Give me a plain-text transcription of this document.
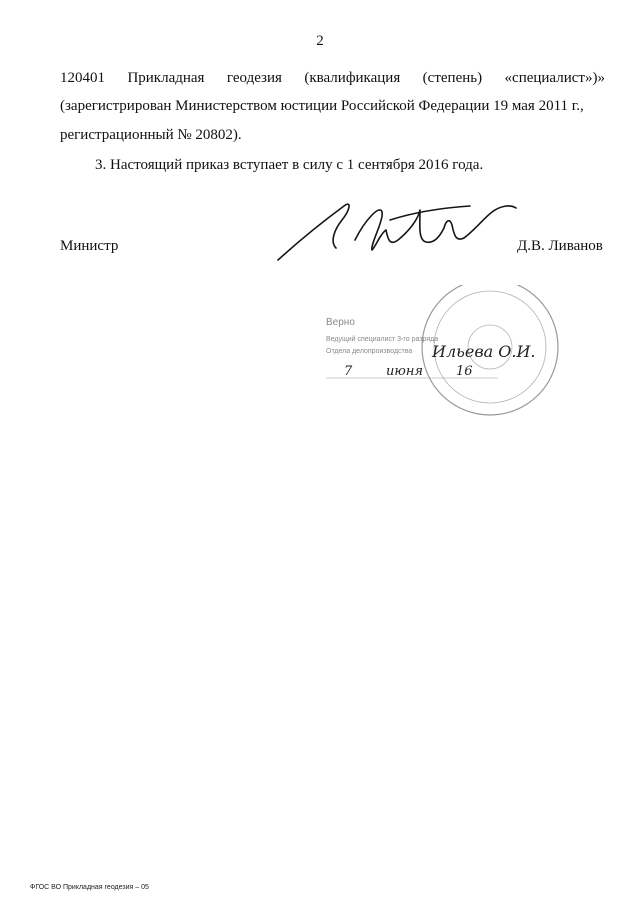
2
120401 Прикладная геодезия (квалификация (степень) «специалист»)»
(зарегистрирован Министерством юстиции Российской Федерации 19 мая 2011 г.,
регистрационный № 20802).
3. Настоящий приказ вступает в силу с 1 сентября 2016 года.
Министр	Д.В. Ливанов
Верно
Ведущий специалист 3-го разряда
Отдела делопроизводства Ильева О.И.
7	июня	16
ФГОС ВО Прикладная геодезия – 05
